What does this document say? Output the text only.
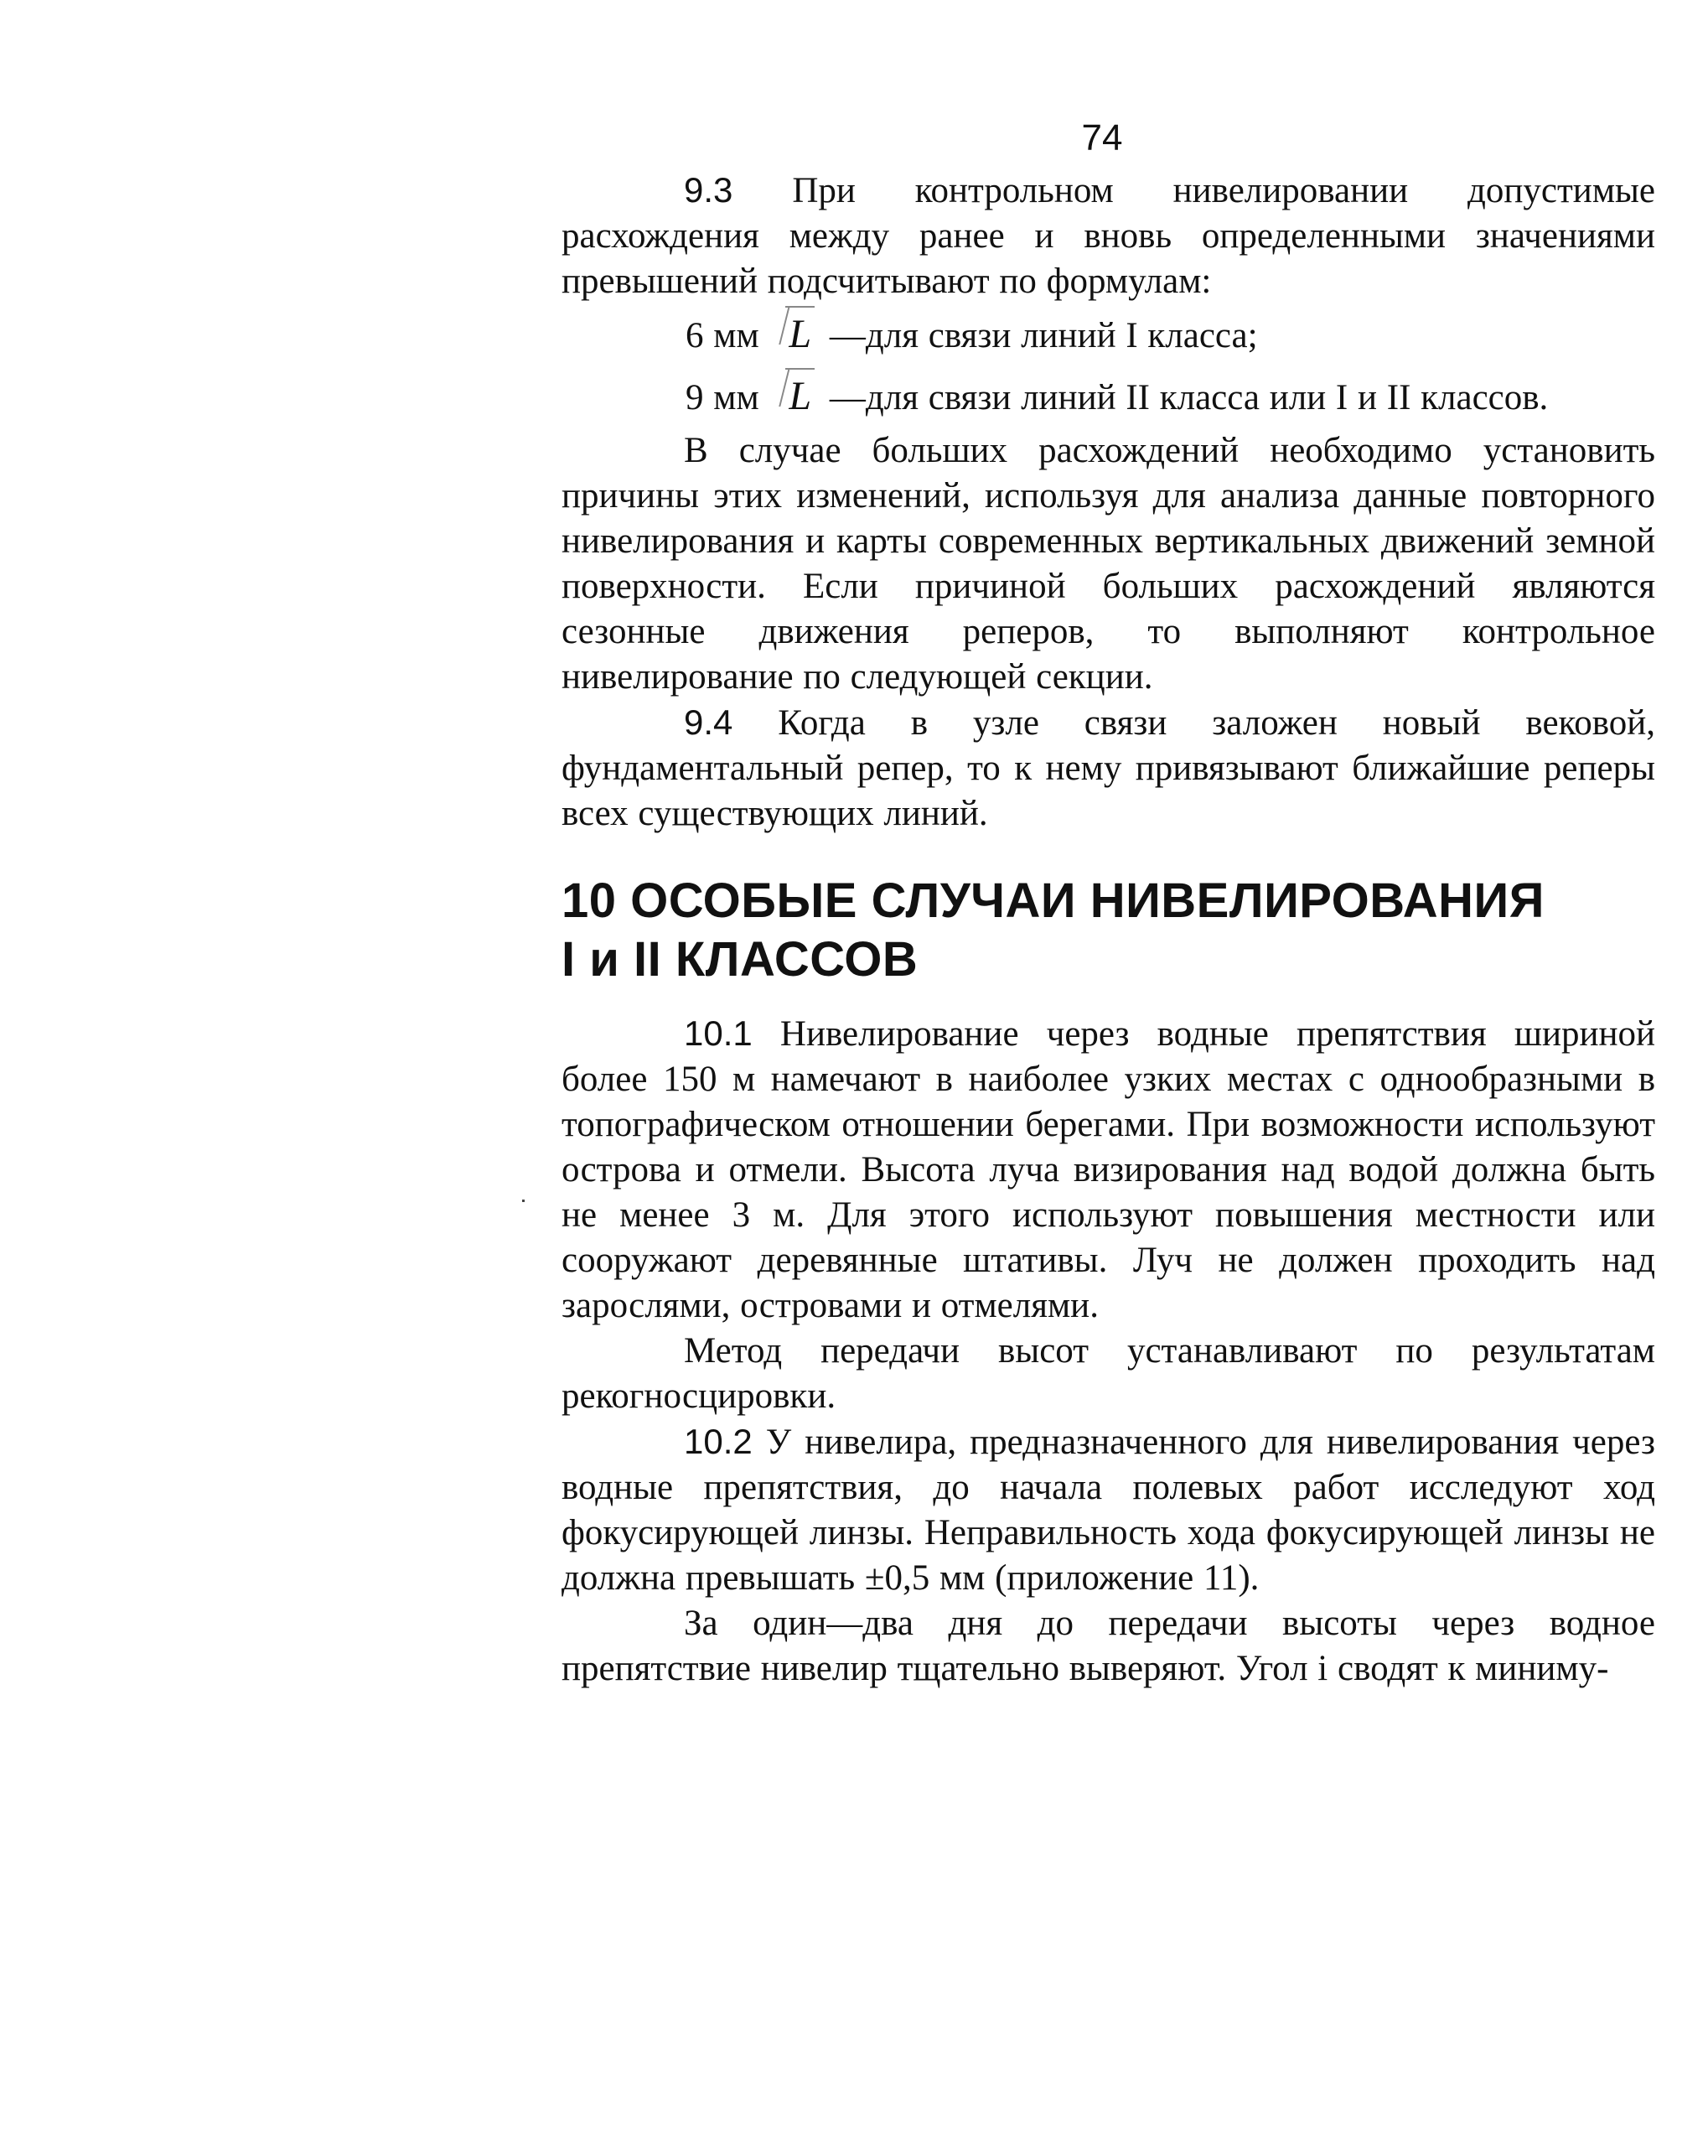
74

9.3 При контрольном нивелировании допустимые расхождения между ранее и вновь определенными значениями превышений подсчитывают по формулам:

6 мм L —для связи линий I класса;

9 мм L —для связи линий II класса или I и II классов.

В случае больших расхождений необходимо установить причины этих изменений, используя для анализа данные повторного нивелирования и карты современных вертикальных движений земной поверхности. Если причиной больших расхождений являются сезонные движения реперов, то выполняют контрольное нивелирование по следующей секции.

9.4 Когда в узле связи заложен новый вековой, фундаментальный репер, то к нему привязывают ближайшие реперы всех существующих линий.

10 ОСОБЫЕ СЛУЧАИ НИВЕЛИРОВАНИЯ
I и II КЛАССОВ

10.1 Нивелирование через водные препятствия шириной более 150 м намечают в наиболее узких местах с однообразными в топографическом отношении берегами. При возможности используют острова и отмели. Высота луча визирования над водой должна быть не менее 3 м. Для этого используют повышения местности или сооружают деревянные штативы. Луч не должен проходить над зарослями, островами и отмелями.

Метод передачи высот устанавливают по результатам рекогносцировки.

10.2 У нивелира, предназначенного для нивелирования через водные препятствия, до начала полевых работ исследуют ход фокусирующей линзы. Неправильность хода фокусирующей линзы не должна превышать ±0,5 мм (приложение 11).

За один—два дня до передачи высоты через водное препятствие нивелир тщательно выверяют. Угол i сводят к миниму-
